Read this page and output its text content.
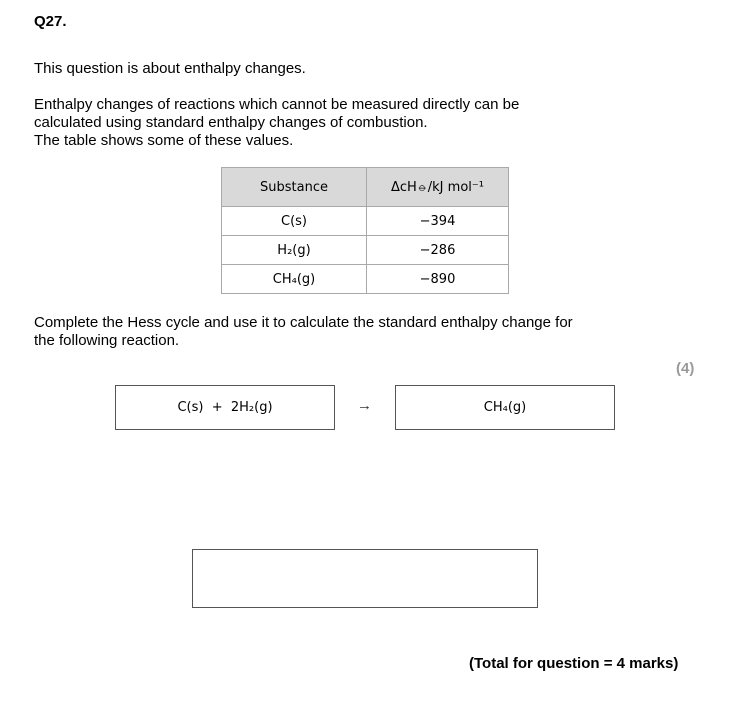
Q27.
This question is about enthalpy changes.
Enthalpy changes of reactions which cannot be measured directly can be
calculated using standard enthalpy changes of combustion.
The table shows some of these values.
Substance	ΔcH⦵/kJ mol⁻¹
C(s)	−394
H₂(g)	−286
CH₄(g)	−890
Complete the Hess cycle and use it to calculate the standard enthalpy change for
the following reaction.
(4)
C(s)  +  2H₂(g)	→	CH₄(g)
(Total for question = 4 marks)
